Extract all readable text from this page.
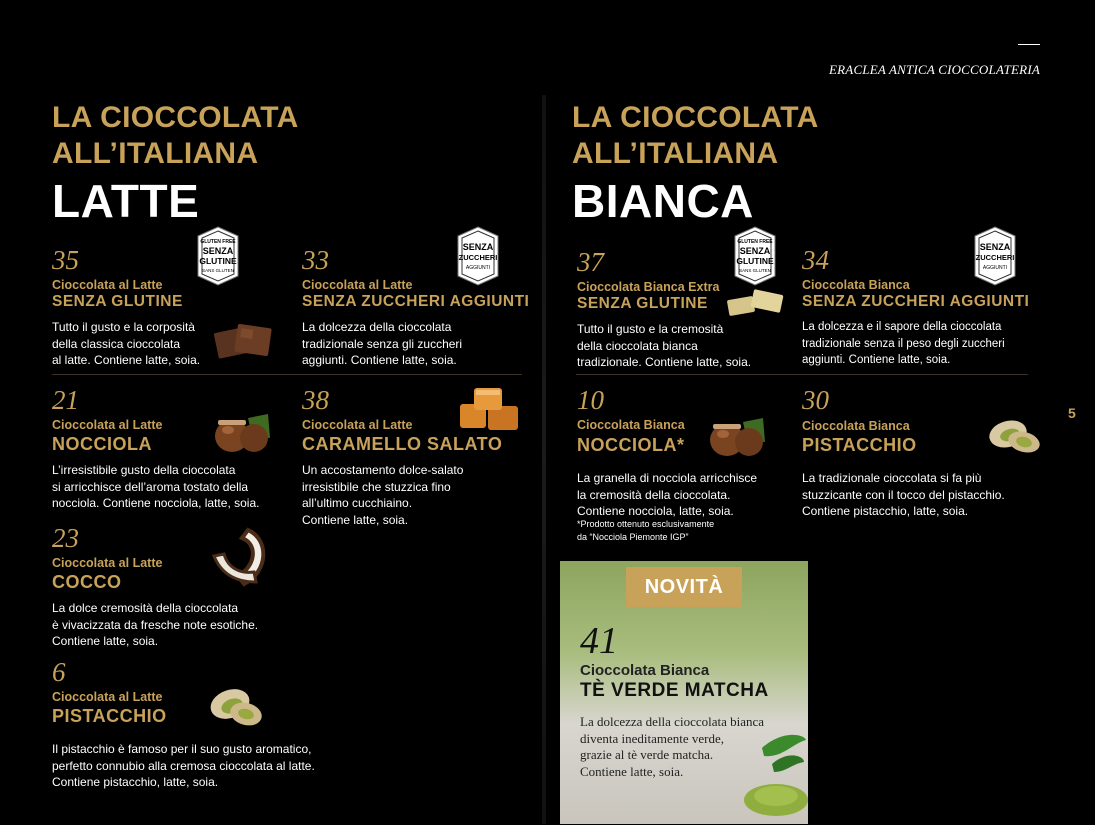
ERACLEA ANTICA CIOCCOLATERIA
5
LA CIOCCOLATA
ALL’ITALIANA
LATTE
LA CIOCCOLATA
ALL’ITALIANA
BIANCA
35
Cioccolata al Latte
SENZA GLUTINE
Tutto il gusto e la corposità
della classica cioccolata
al latte. Contiene latte, soia.
GLUTEN FREE
SENZA
GLUTINE
SANS GLUTEN	33
Cioccolata al Latte
SENZA ZUCCHERI AGGIUNTI
La dolcezza della cioccolata
tradizionale senza gli zuccheri
aggiunti. Contiene latte, soia.
SENZA
ZUCCHERI
AGGIUNTI
21
Cioccolata al Latte
NOCCIOLA
L’irresistibile gusto della cioccolata
si arricchisce dell’aroma tostato della
nocciola. Contiene nocciola, latte, soia.
38
Cioccolata al Latte
CARAMELLO SALATO
Un accostamento dolce-salato
irresistibile che stuzzica fino
all’ultimo cucchiaino.
Contiene latte, soia.
23
Cioccolata al Latte
COCCO
La dolce cremosità della cioccolata
è vivacizzata da fresche note esotiche.
Contiene latte, soia.
6
Cioccolata al Latte
PISTACCHIO
Il pistacchio è famoso per il suo gusto aromatico,
perfetto connubio alla cremosa cioccolata al latte.
Contiene pistacchio, latte, soia.
37
Cioccolata Bianca Extra
SENZA GLUTINE
Tutto il gusto e la cremosità
della cioccolata bianca
tradizionale. Contiene latte, soia.
GLUTEN FREE
SENZA
GLUTINE
SANS GLUTEN 34
Cioccolata Bianca
SENZA ZUCCHERI AGGIUNTI
La dolcezza e il sapore della cioccolata
tradizionale senza il peso degli zuccheri
aggiunti. Contiene latte, soia.
SENZA
ZUCCHERI
AGGIUNTI
10
Cioccolata Bianca
NOCCIOLA*
La granella di nocciola arricchisce
la cremosità della cioccolata.
Contiene nocciola, latte, soia.
*Prodotto ottenuto esclusivamente
da “Nocciola Piemonte IGP”
30
Cioccolata Bianca
PISTACCHIO
La tradizionale cioccolata si fa più
stuzzicante con il tocco del pistacchio.
Contiene pistacchio, latte, soia.
NOVITÀ
41
Cioccolata Bianca
TÈ VERDE MATCHA
La dolcezza della cioccolata bianca
diventa ineditamente verde,
grazie al tè verde matcha.
Contiene latte, soia.
